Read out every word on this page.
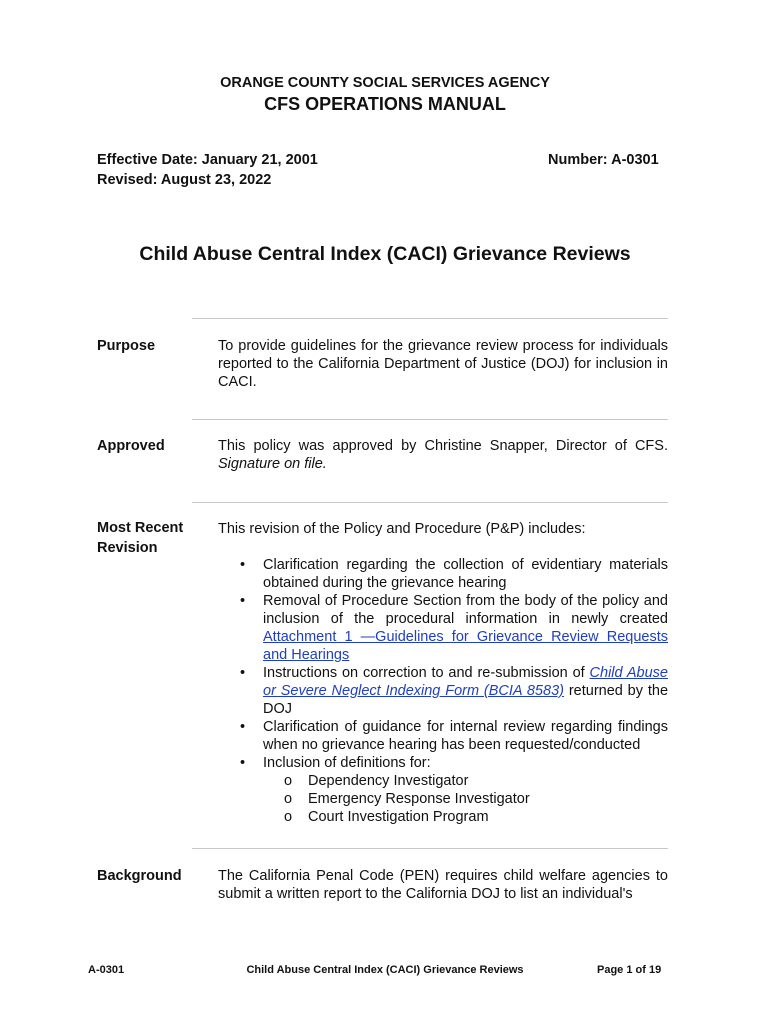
ORANGE COUNTY SOCIAL SERVICES AGENCY
CFS OPERATIONS MANUAL
Effective Date: January 21, 2001
Revised: August 23, 2022
Number: A-0301
Child Abuse Central Index (CACI) Grievance Reviews
Purpose	To provide guidelines for the grievance review process for individuals reported to the California Department of Justice (DOJ) for inclusion in CACI.
Approved	This policy was approved by Christine Snapper, Director of CFS. Signature on file.
Most Recent
Revision
This revision of the Policy and Procedure (P&P) includes:
• Clarification regarding the collection of evidentiary materials obtained during the grievance hearing
• Removal of Procedure Section from the body of the policy and inclusion of the procedural information in newly created Attachment 1 —Guidelines for Grievance Review Requests and Hearings
• Instructions on correction to and re-submission of Child Abuse or Severe Neglect Indexing Form (BCIA 8583) returned by the DOJ
• Clarification of guidance for internal review regarding findings when no grievance hearing has been requested/conducted
• Inclusion of definitions for:
o Dependency Investigator
o Emergency Response Investigator
o Court Investigation Program
Background	The California Penal Code (PEN) requires child welfare agencies to submit a written report to the California DOJ to list an individual's
A-0301	Child Abuse Central Index (CACI) Grievance Reviews	Page 1 of 19
